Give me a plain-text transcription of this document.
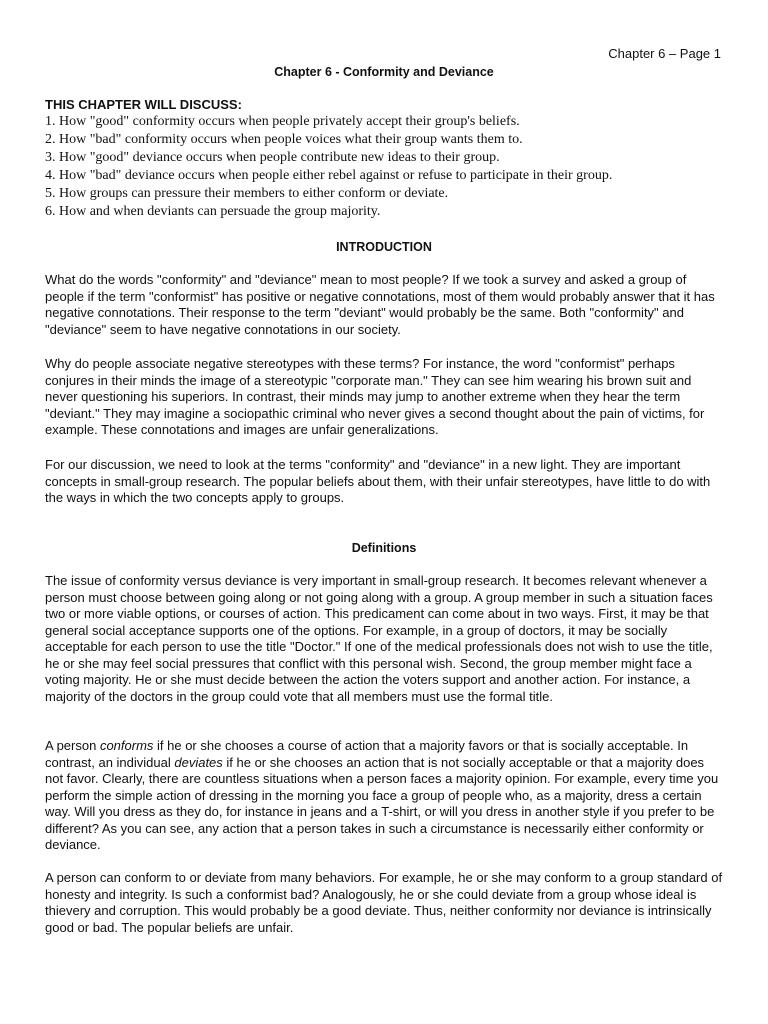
Chapter 6 – Page 1
Chapter 6 - Conformity and Deviance
THIS CHAPTER WILL DISCUSS:
1. How "good" conformity occurs when people privately accept their group's beliefs.
2. How "bad" conformity occurs when people voices what their group wants them to.
3. How "good" deviance occurs when people contribute new ideas to their group.
4. How "bad" deviance occurs when people either rebel against or refuse to participate in their group.
5. How groups can pressure their members to either conform or deviate.
6. How and when deviants can persuade the group majority.
INTRODUCTION

What do the words "conformity" and "deviance" mean to most people? If we took a survey and asked a group of people if the term "conformist" has positive or negative connotations, most of them would probably answer that it has negative connotations. Their response to the term "deviant" would probably be the same. Both "conformity" and "deviance" seem to have negative connotations in our society.

Why do people associate negative stereotypes with these terms? For instance, the word "conformist" perhaps conjures in their minds the image of a stereotypic "corporate man." They can see him wearing his brown suit and never questioning his superiors. In contrast, their minds may jump to another extreme when they hear the term "deviant." They may imagine a sociopathic criminal who never gives a second thought about the pain of victims, for example. These connotations and images are unfair generalizations.

For our discussion, we need to look at the terms "conformity" and "deviance" in a new light. They are important concepts in small-group research. The popular beliefs about them, with their unfair stereotypes, have little to do with the ways in which the two concepts apply to groups.

Definitions

The issue of conformity versus deviance is very important in small-group research. It becomes relevant whenever a person must choose between going along or not going along with a group. A group member in such a situation faces two or more viable options, or courses of action. This predicament can come about in two ways. First, it may be that general social acceptance supports one of the options. For example, in a group of doctors, it may be socially acceptable for each person to use the title "Doctor." If one of the medical professionals does not wish to use the title, he or she may feel social pressures that conflict with this personal wish. Second, the group member might face a voting majority. He or she must decide between the action the voters support and another action. For instance, a majority of the doctors in the group could vote that all members must use the formal title.

A person conforms if he or she chooses a course of action that a majority favors or that is socially acceptable. In contrast, an individual deviates if he or she chooses an action that is not socially acceptable or that a majority does not favor. Clearly, there are countless situations when a person faces a majority opinion. For example, every time you perform the simple action of dressing in the morning you face a group of people who, as a majority, dress a certain way. Will you dress as they do, for instance in jeans and a T-shirt, or will you dress in another style if you prefer to be different? As you can see, any action that a person takes in such a circumstance is necessarily either conformity or deviance.

A person can conform to or deviate from many behaviors. For example, he or she may conform to a group standard of honesty and integrity. Is such a conformist bad? Analogously, he or she could deviate from a group whose ideal is thievery and corruption. This would probably be a good deviate. Thus, neither conformity nor deviance is intrinsically good or bad. The popular beliefs are unfair.
